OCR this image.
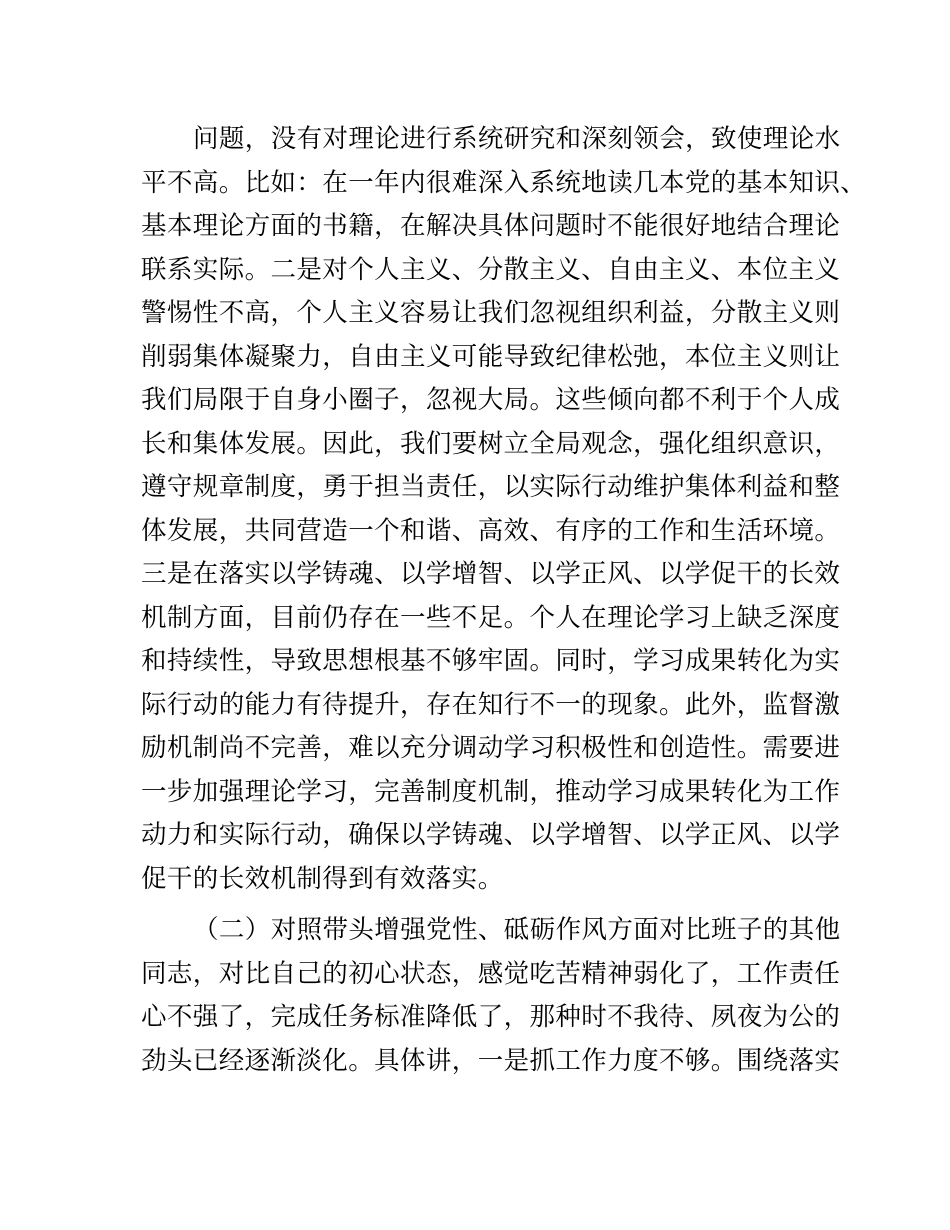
问题，没有对理论进行系统研究和深刻领会，致使理论水
平不高。比如：在一年内很难深入系统地读几本党的基本知识、
基本理论方面的书籍，在解决具体问题时不能很好地结合理论
联系实际。二是对个人主义、分散主义、自由主义、本位主义
警惕性不高，个人主义容易让我们忽视组织利益，分散主义则
削弱集体凝聚力，自由主义可能导致纪律松弛，本位主义则让
我们局限于自身小圈子，忽视大局。这些倾向都不利于个人成
长和集体发展。因此，我们要树立全局观念，强化组织意识，
遵守规章制度，勇于担当责任，以实际行动维护集体利益和整
体发展，共同营造一个和谐、高效、有序的工作和生活环境。
三是在落实以学铸魂、以学增智、以学正风、以学促干的长效
机制方面，目前仍存在一些不足。个人在理论学习上缺乏深度
和持续性，导致思想根基不够牢固。同时，学习成果转化为实
际行动的能力有待提升，存在知行不一的现象。此外，监督激
励机制尚不完善，难以充分调动学习积极性和创造性。需要进
一步加强理论学习，完善制度机制，推动学习成果转化为工作
动力和实际行动，确保以学铸魂、以学增智、以学正风、以学
促干的长效机制得到有效落实。
（二）对照带头增强党性、砥砺作风方面对比班子的其他
同志，对比自己的初心状态，感觉吃苦精神弱化了，工作责任
心不强了，完成任务标准降低了，那种时不我待、夙夜为公的
劲头已经逐渐淡化。具体讲，一是抓工作力度不够。围绕落实
